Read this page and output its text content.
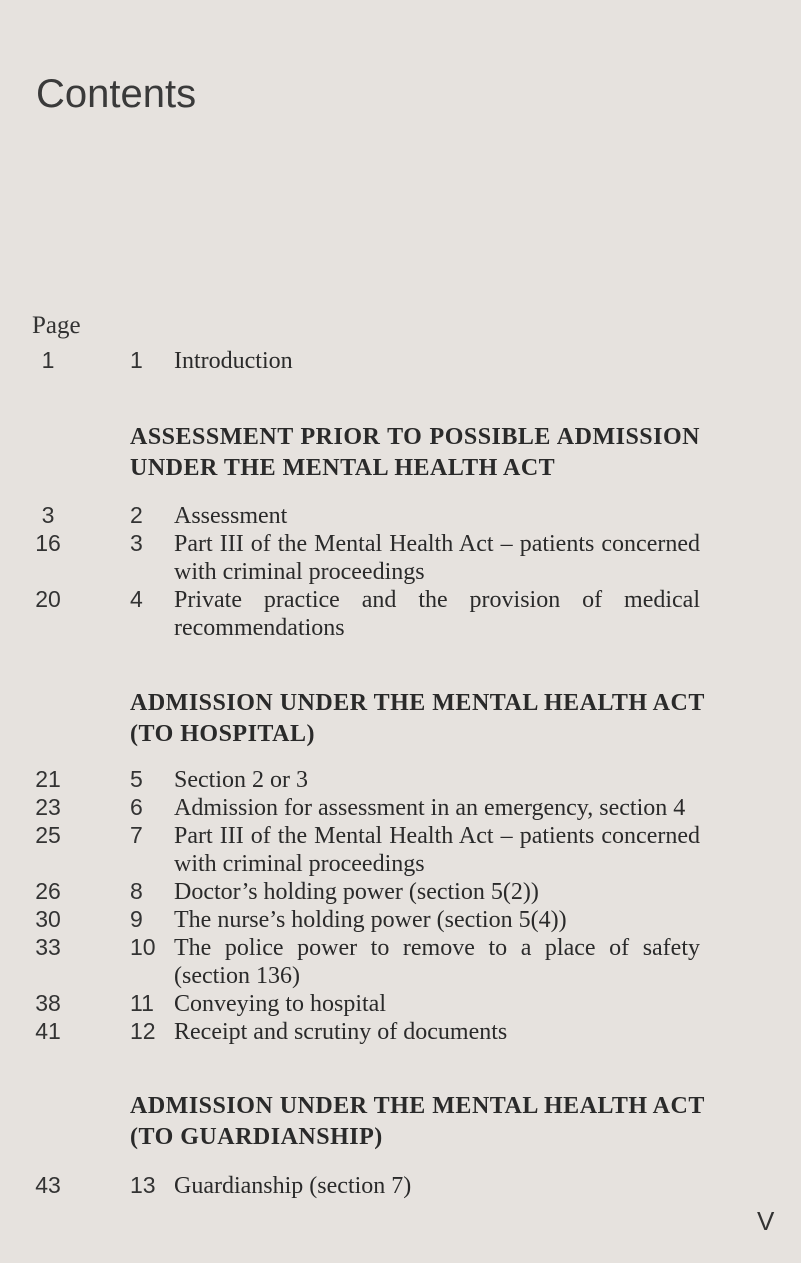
Contents
Page
1	1	Introduction
ASSESSMENT PRIOR TO POSSIBLE ADMISSION
UNDER THE MENTAL HEALTH ACT
3	2	Assessment
16	3	Part III of the Mental Health Act – patients concerned
with criminal proceedings
20	4	Private practice and the provision of medical
recommendations
ADMISSION UNDER THE MENTAL HEALTH ACT
(TO HOSPITAL)
21	5	Section 2 or 3
23	6	Admission for assessment in an emergency, section 4
25	7	Part III of the Mental Health Act – patients concerned
with criminal proceedings
26	8	Doctor’s holding power (section 5(2))
30	9	The nurse’s holding power (section 5(4))
33	10 The police power to remove to a place of safety
(section 136)
38	11 Conveying to hospital
41	12 Receipt and scrutiny of documents
ADMISSION UNDER THE MENTAL HEALTH ACT
(TO GUARDIANSHIP)
43	13 Guardianship (section 7)
V
